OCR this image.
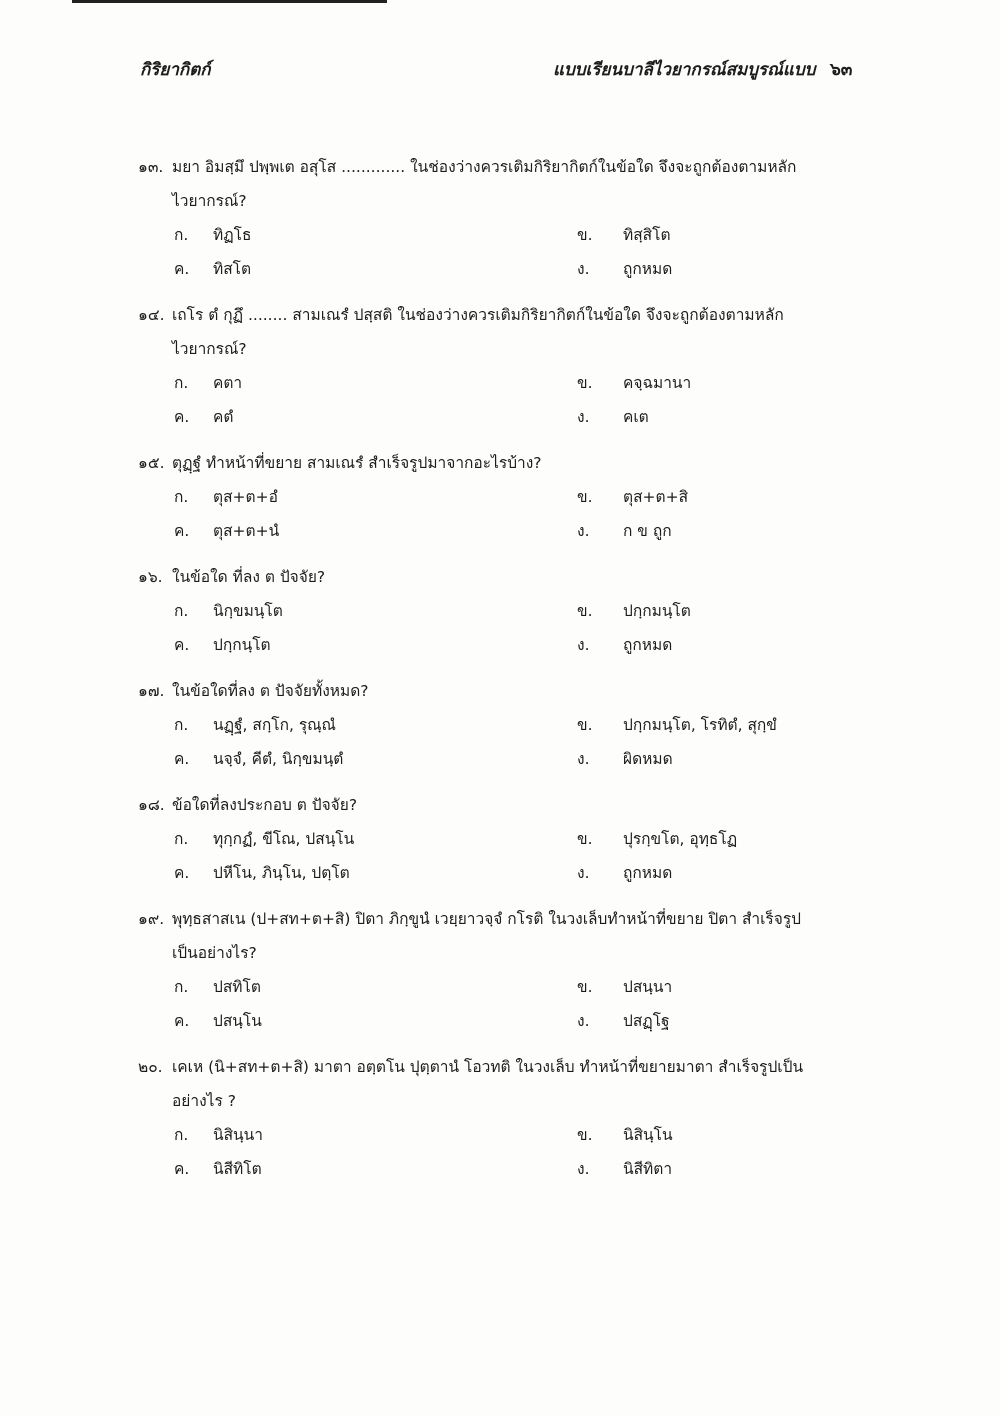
กิริยากิตก์	แบบเรียนบาลีไวยากรณ์สมบูรณ์แบบ ๖๓
๑๓. มยา อิมสฺมึ ปพฺพเต อสุโส ............. ในช่องว่างควรเติมกิริยากิตก์ในข้อใด จึงจะถูกต้องตามหลัก
ไวยากรณ์?
ก. ทิฏโธ	ข. ทิสฺสิโต
ค. ทิสโต	ง. ถูกหมด
๑๔. เถโร ตํ กุฏึ ........ สามเณรํ ปสฺสติ ในช่องว่างควรเติมกิริยากิตก์ในข้อใด จึงจะถูกต้องตามหลัก
ไวยากรณ์?
ก. คตา	ข. คจฺฉมานา
ค. คตํ	ง. คเต
๑๕. ตุฏฺฐํ ทำหน้าที่ขยาย สามเณรํ สำเร็จรูปมาจากอะไรบ้าง?
ก. ตุส+ต+อํ	ข. ตุส+ต+สิ
ค. ตุส+ต+นํ	ง. ก ข ถูก
๑๖. ในข้อใด ที่ลง ต ปัจจัย?
ก. นิกฺขมนฺโต	ข. ปกฺกมนฺโต
ค. ปกฺกนฺโต	ง. ถูกหมด
๑๗. ในข้อใดที่ลง ต ปัจจัยทั้งหมด?
ก. นฏฺฐํ, สกฺโก, รุณฺณํ	ข. ปกฺกมนฺโต, โรทิตํ, สุกฺขํ
ค. นจฺจํ, คีตํ, นิกฺขมนฺตํ	ง. ผิดหมด
๑๘. ข้อใดที่ลงประกอบ ต ปัจจัย?
ก. ทุกฺกฏํ, ขีโณ, ปสนฺโน	ข. ปุรกฺขโต, อุทฺธโฏ
ค. ปหีโน, ภินฺโน, ปตฺโต	ง. ถูกหมด
๑๙. พุทฺธสาสเน (ป+สท+ต+สิ) ปิตา ภิกฺขูนํ เวยฺยาวจฺจํ กโรติ ในวงเล็บทำหน้าที่ขยาย ปิตา สำเร็จรูป
เป็นอย่างไร?
ก. ปสทิโต	ข. ปสนฺนา
ค. ปสนฺโน	ง. ปสฏฺโฐ
๒๐. เคเห (นิ+สท+ต+สิ) มาตา อตฺตโน ปุตฺตานํ โอวทติ ในวงเล็บ ทำหน้าที่ขยายมาตา สำเร็จรูปเป็น
อย่างไร ?
ก. นิสินฺนา	ข. นิสินฺโน
ค. นิสีทิโต	ง. นิสีทิตา
